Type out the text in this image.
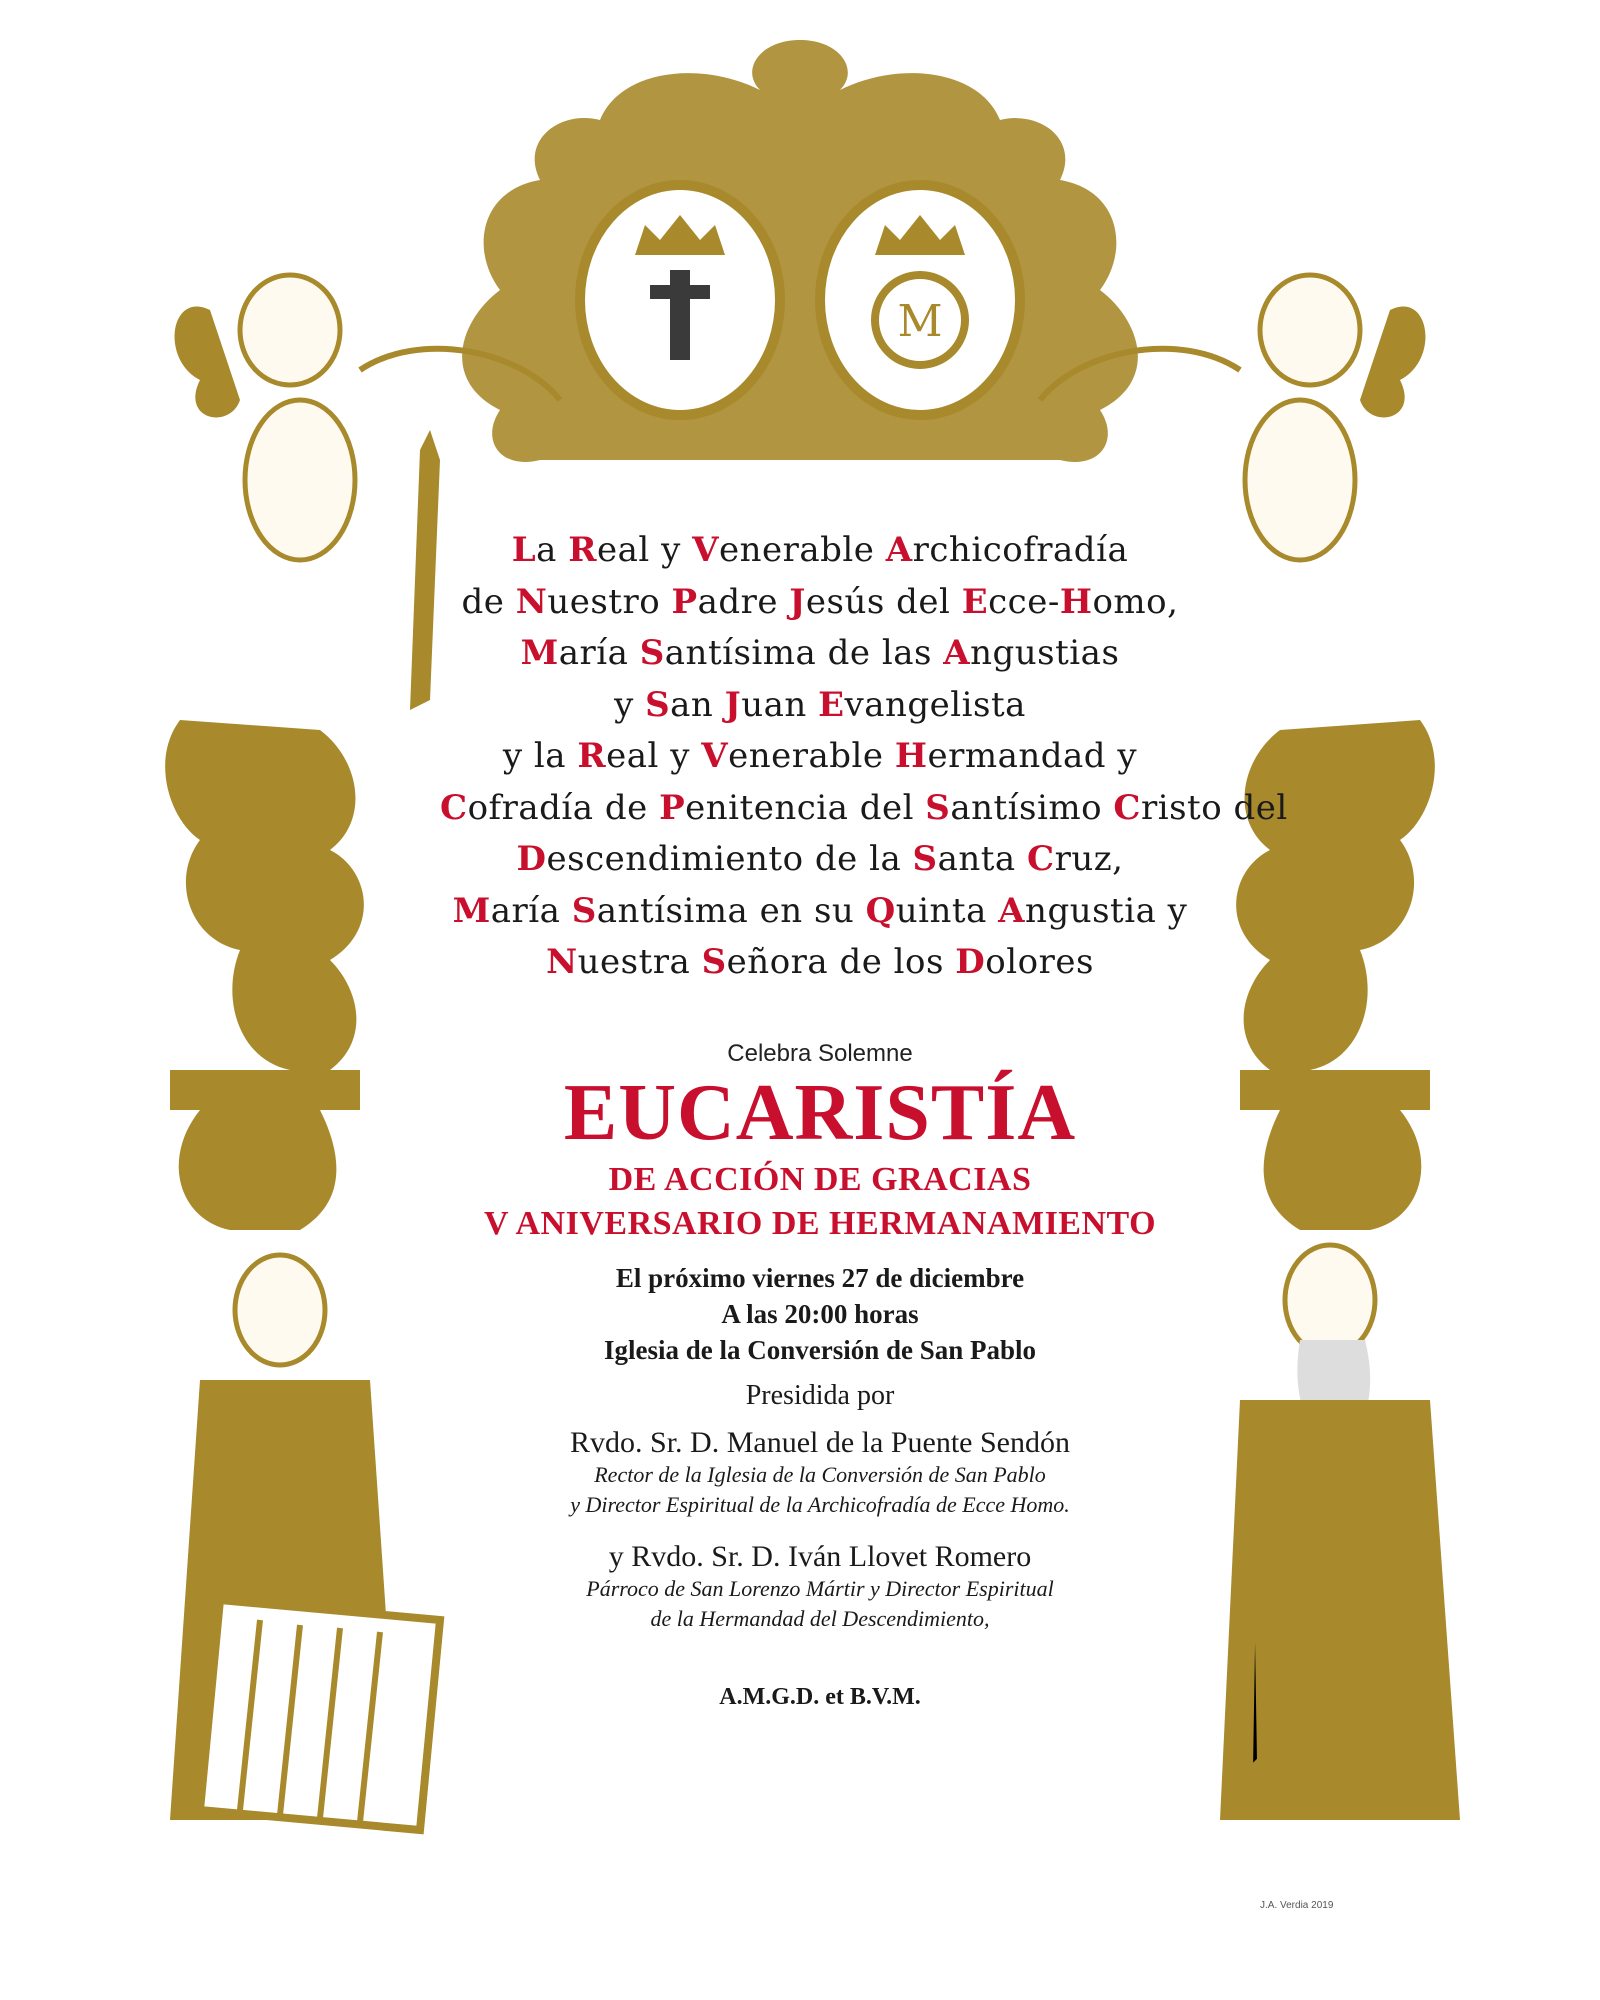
M
La Real y Venerable Archicofradía
de Nuestro Padre Jesús del Ecce-Homo,
María Santísima de las Angustias
y San Juan Evangelista
y la Real y Venerable Hermandad y
Cofradía de Penitencia del Santísimo Cristo del
Descendimiento de la Santa Cruz,
María Santísima en su Quinta Angustia y
Nuestra Señora de los Dolores
Celebra Solemne
EUCARISTÍA
DE ACCIÓN DE GRACIAS
V ANIVERSARIO DE HERMANAMIENTO
El próximo viernes 27 de diciembre
A las 20:00 horas
Iglesia de la Conversión de San Pablo
Presidida por
Rvdo. Sr. D. Manuel de la Puente Sendón
Rector de la Iglesia de la Conversión de San Pablo
y Director Espiritual de la Archicofradía de Ecce Homo.
y Rvdo. Sr. D. Iván Llovet Romero
Párroco de San Lorenzo Mártir y Director Espiritual
de la Hermandad del Descendimiento,
A.M.G.D. et B.V.M.
J.A. Verdia 2019
